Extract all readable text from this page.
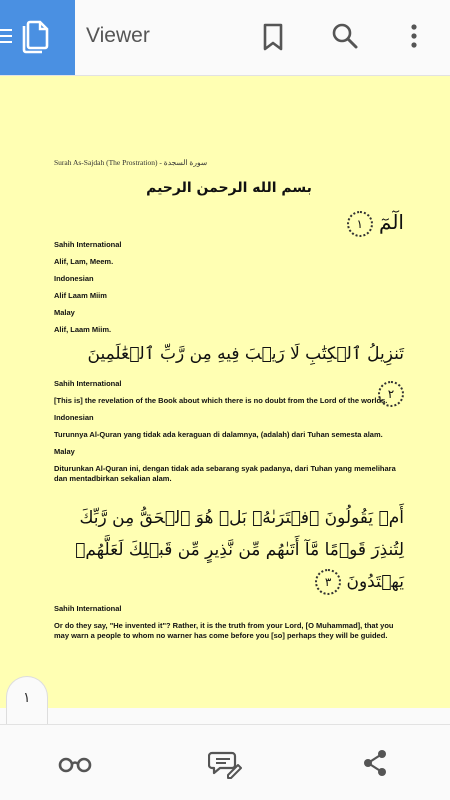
Viewer
Surah As-Sajdah (The Prostration) - سورة السجدة
بسم الله الرحمن الرحيم
الٓمٓ ١
Sahih International
Alif, Lam, Meem.
Indonesian
Alif Laam Miim
Malay
Alif, Laam Miim.
تَنزِيلُ ٱلۡكِتَٰبِ لَا رَيۡبَ فِيهِ مِن رَّبِّ ٱلۡعَٰلَمِينَ ٢
Sahih International
[This is] the revelation of the Book about which there is no doubt from the Lord of the worlds.
Indonesian
Turunnya Al-Quran yang tidak ada keraguan di dalamnya, (adalah) dari Tuhan semesta alam.
Malay
Diturunkan Al-Quran ini, dengan tidak ada sebarang syak padanya, dari Tuhan yang memelihara dan mentadbirkan sekalian alam.
أَمۡ يَقُولُونَ ٱفۡتَرَىٰهُۚ بَلۡ هُوَ ٱلۡحَقُّ مِن رَّبِّكَ لِتُنذِرَ قَوۡمًا مَّآ أَتَىٰهُم مِّن نَّذِيرٍ مِّن قَبۡلِكَ لَعَلَّهُمۡ يَهۡتَدُونَ ٣
Sahih International
Or do they say, "He invented it"? Rather, it is the truth from your Lord, [O Muhammad], that you may warn a people to whom no warner has come before you [so] perhaps they will be guided.
١
